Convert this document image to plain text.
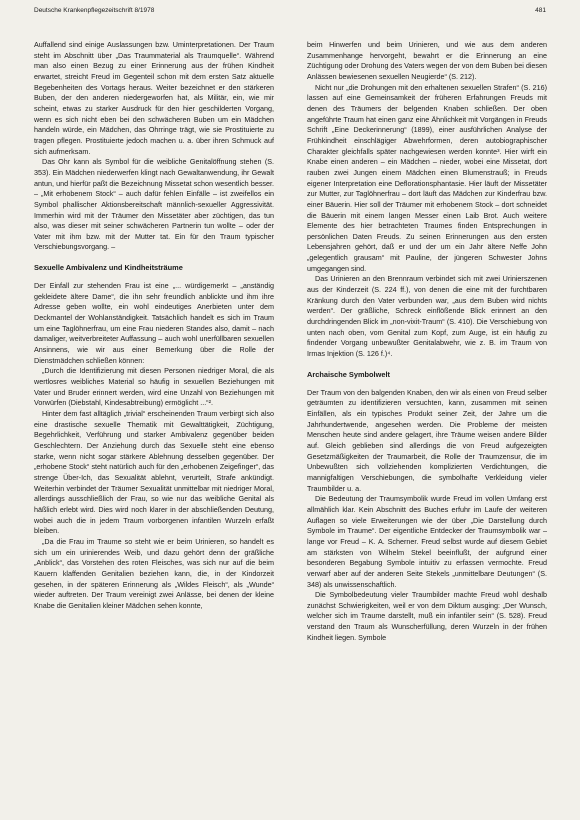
Deutsche Krankenpflegezeitschrift 8/1978	481

Auffallend sind einige Auslassungen bzw. Uminterpretationen. Der Traum steht im Abschnitt über „Das Traummaterial als Traumquelle“. Während man also einen Bezug zu einer Erinnerung aus der frühen Kindheit erwartet, streicht Freud im Gegenteil schon mit dem ersten Satz aktuelle Begebenheiten des Vortags heraus. Weiter bezeichnet er den stärkeren Buben, der den anderen niedergeworfen hat, als Militär, ein, wie mir scheint, etwas zu starker Ausdruck für den hier geschilderten Vorgang, wenn es sich nicht eben bei den schwächeren Buben um ein Mädchen handeln würde, ein Mädchen, das Ohrringe trägt, wie sie Prostituierte zu tragen pflegen. Prostituierte jedoch machen u. a. über ihren Schmuck auf sich aufmerksam.

Das Ohr kann als Symbol für die weibliche Genitalöffnung stehen (S. 353). Ein Mädchen niederwerfen klingt nach Gewaltanwendung, ihr Gewalt antun, und hierfür paßt die Bezeichnung Missetat schon wesentlich besser. – „Mit erhobenem Stock“ – auch dafür fehlen Einfälle – ist zweifellos ein Symbol phallischer Aktionsbereitschaft männlich-sexueller Aggressivität. Immerhin wird mit der Träumer den Missetäter aber züchtigen, das tun also, was dieser mit seiner schwächeren Partnerin tun wollte – oder der Vater mit ihm bzw. mit der Mutter tat. Ein für den Traum typischer Verschiebungsvorgang. –

Sexuelle Ambivalenz und Kindheitsträume

Der Einfall zur stehenden Frau ist eine „... würdigemerkt – „anständig gekleidete ältere Dame“, die ihn sehr freundlich anblickte und ihm ihre Adresse geben wollte, ein wohl eindeutiges Anerbieten unter dem Deckmantel der Wohlanständigkeit. Tatsächlich handelt es sich im Traum um eine Taglöhnerfrau, um eine Frau niederen Standes also, damit – nach damaliger, weitverbreiteter Auffassung – auch wohl unerfüllbaren sexuellen Ansinnens, wie wir aus einer Bemerkung über die Rolle der Dienstmädchen schließen können:

„Durch die Identifizierung mit diesen Personen niedriger Moral, die als wertlosres weibliches Material so häufig in sexuellen Beziehungen mit Vater und Bruder erinnert werden, wird eine Unzahl von Beziehungen mit Vorwürfen (Diebstahl, Kindesabtreibung) ermöglicht ...“².

Hinter dem fast alltäglich „trivial“ erscheinenden Traum verbirgt sich also eine drastische sexuelle Thematik mit Gewalttätigkeit, Züchtigung, Begehrlichkeit, Verführung und starker Ambivalenz gegenüber beiden Geschlechtern. Der Anziehung durch das Sexuelle steht eine ebenso starke, wenn nicht sogar stärkere Ablehnung desselben gegenüber. Der „erhobene Stock“ steht natürlich auch für den „erhobenen Zeigefinger“, das strenge Über-Ich, das Sexualität ablehnt, verurteilt, Strafe ankündigt. Weiterhin verbindet der Träumer Sexualität unmittelbar mit niedriger Moral, allerdings ausschließlich der Frau, so wie nur das weibliche Genital als häßlich erlebt wird. Dies wird noch klarer in der abschließenden Deutung, wobei auch die in jedem Traum vorborgenen infantilen Wurzeln erfaßt bleiben.

„Da die Frau im Traume so steht wie er beim Urinieren, so handelt es sich um ein urinierendes Weib, und dazu gehört denn der gräßliche „Anblick“, das Vorstehen des roten Fleisches, was sich nur auf die beim Kauern klaffenden Genitalien beziehen kann, die, in der Kindorzeit gesehen, in der späteren Erinnerung als „Wildes Fleisch“, als „Wunde“ wieder auftreten. Der Traum vereinigt zwei Anlässe, bei denen der kleine Knabe die Genitalien kleiner Mädchen sehen konnte,

beim Hinwerfen und beim Urinieren, und wie aus dem anderen Zusammenhange hervorgeht, bewahrt er die Erinnerung an eine Züchtigung oder Drohung des Vaters wegen der von dem Buben bei diesen Anlässen bewiesenen sexuellen Neugierde“ (S. 212).

Nicht nur „die Drohungen mit den erhaltenen sexuellen Strafen“ (S. 216) lassen auf eine Gemeinsamkeit der früheren Erfahrungen Freuds mit denen des Träumers der belgenden Knaben schließen. Der oben angeführte Traum hat einen ganz eine Ähnlichkeit mit Vorgängen in Freuds Schrift „Eine Deckerinnerung“ (1899), einer ausführlichen Analyse der Frühkindheit einschlägiger Abwehrformen, deren autobiographischer Charakter gleichfalls später nachgewiesen werden konnte³. Hier wirft ein Knabe einen anderen – ein Mädchen – nieder, wobei eine Missetat, dort rauben zwei Jungen einem Mädchen einen Blumenstrauß; in Freuds eigener Interpretation eine Deflorationsphantasie. Hier läuft der Missetäter zur Mutter, zur Taglöhnerfrau – dort läuft das Mädchen zur Kinderfrau bzw. einer Bäuerin. Hier soll der Träumer mit erhobenem Stock – dort schneidet die Bäuerin mit einem langen Messer einen Laib Brot. Auch weitere Elemente des hier betrachteten Traumes finden Entsprechungen in persönlichen Daten Freuds. Zu seinen Erinnerungen aus den ersten Lebensjahren gehört, daß er und der um ein Jahr ältere Neffe John „gelegentlich grausam“ mit Pauline, der jüngeren Schwester Johns umgegangen sind.

Das Urinieren an den Brennraum verbindet sich mit zwei Urinierszenen aus der Kinderzeit (S. 224 ff.), von denen die eine mit der furchtbaren Kränkung durch den Vater verbunden war, „aus dem Buben wird nichts werden“. Der gräßliche, Schreck einflößende Blick erinnert an den durchdringenden Blick im „non-vixit-Traum“ (S. 410). Die Verschiebung von unten nach oben, vom Genital zum Kopf, zum Auge, ist ein häufig zu findender Vorgang unbewußter Genitalabwehr, wie z. B. im Traum von Irmas Injektion (S. 126 f.)⁴.

Archaische Symbolwelt

Der Traum von den balgenden Knaben, den wir als einen von Freud selber geträumten zu identifizieren versuchten, kann, zusammen mit seinen Einfällen, als ein typisches Produkt seiner Zeit, der Jahre um die Jahrhundertwende, angesehen werden. Die Probleme der meisten Menschen heute sind andere gelagert, ihre Träume weisen andere Bilder auf. Gleich geblieben sind allerdings die von Freud aufgezeigten Gesetzmäßigkeiten der Traumarbeit, die Rolle der Traumzensur, die im Unbewußten sich vollziehenden komplizierten Verdichtungen, die mannigfaltigen Verschiebungen, die symbolhafte Verkleidung vieler Traumbilder u. a.

Die Bedeutung der Traumsymbolik wurde Freud im vollen Umfang erst allmählich klar. Kein Abschnitt des Buches erfuhr im Laufe der weiteren Auflagen so viele Erweiterungen wie der über „Die Darstellung durch Symbole im Traume“. Der eigentliche Entdecker der Traumsymbolik war – lange vor Freud – K. A. Scherner. Freud selbst wurde auf diesem Gebiet am stärksten von Wilhelm Stekel beeinflußt, der aufgrund einer besonderen Begabung Symbole intuitiv zu erfassen vermochte. Freud verwarf aber auf der anderen Seite Stekels „unmittelbare Deutungen“ (S. 348) als unwissenschaftlich.

Die Symbolbedeutung vieler Traumbilder machte Freud wohl deshalb zunächst Schwierigkeiten, weil er von dem Diktum ausging: „Der Wunsch, welcher sich im Traume darstellt, muß ein infantiler sein“ (S. 528). Freud verstand den Traum als Wunscherfüllung, deren Wurzeln in der frühen Kindheit liegen. Symbole
